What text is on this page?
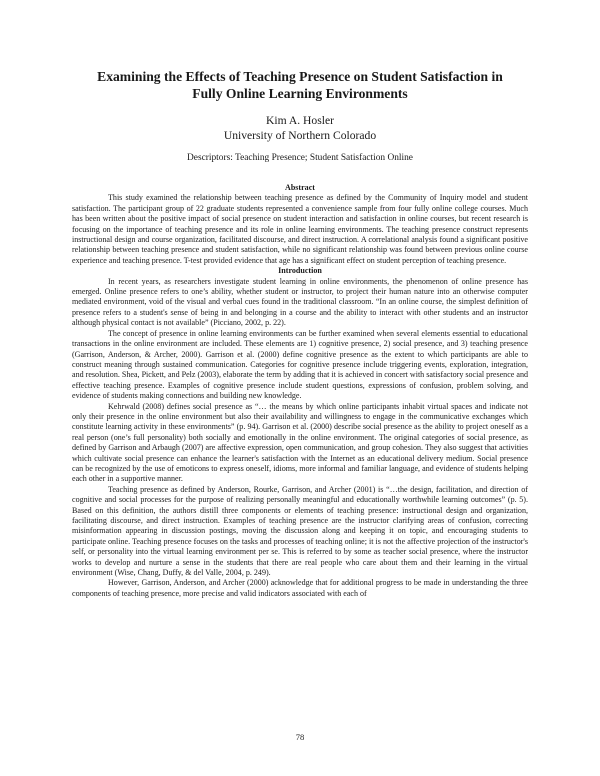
Examining the Effects of Teaching Presence on Student Satisfaction in
Fully Online Learning Environments
Kim A. Hosler
University of Northern Colorado
Descriptors: Teaching Presence; Student Satisfaction Online
Abstract

This study examined the relationship between teaching presence as defined by the Community of Inquiry model and student satisfaction. The participant group of 22 graduate students represented a convenience sample from four fully online college courses. Much has been written about the positive impact of social presence on student interaction and satisfaction in online courses, but recent research is focusing on the importance of teaching presence and its role in online learning environments. The teaching presence construct represents instructional design and course organization, facilitated discourse, and direct instruction. A correlational analysis found a significant positive relationship between teaching presence and student satisfaction, while no significant relationship was found between previous online course experience and teaching presence. T-test provided evidence that age has a significant effect on student perception of teaching presence.

Introduction

In recent years, as researchers investigate student learning in online environments, the phenomenon of online presence has emerged. Online presence refers to one’s ability, whether student or instructor, to project their human nature into an otherwise computer mediated environment, void of the visual and verbal cues found in the traditional classroom. “In an online course, the simplest definition of presence refers to a student's sense of being in and belonging in a course and the ability to interact with other students and an instructor although physical contact is not available” (Picciano, 2002, p. 22).

The concept of presence in online learning environments can be further examined when several elements essential to educational transactions in the online environment are included. These elements are 1) cognitive presence, 2) social presence, and 3) teaching presence (Garrison, Anderson, & Archer, 2000). Garrison et al. (2000) define cognitive presence as the extent to which participants are able to construct meaning through sustained communication. Categories for cognitive presence include triggering events, exploration, integration, and resolution. Shea, Pickett, and Pelz (2003), elaborate the term by adding that it is achieved in concert with satisfactory social presence and effective teaching presence. Examples of cognitive presence include student questions, expressions of confusion, problem solving, and evidence of students making connections and building new knowledge.

Kehrwald (2008) defines social presence as “… the means by which online participants inhabit virtual spaces and indicate not only their presence in the online environment but also their availability and willingness to engage in the communicative exchanges which constitute learning activity in these environments” (p. 94). Garrison et al. (2000) describe social presence as the ability to project oneself as a real person (one’s full personality) both socially and emotionally in the online environment. The original categories of social presence, as defined by Garrison and Arbaugh (2007) are affective expression, open communication, and group cohesion. They also suggest that activities which cultivate social presence can enhance the learner's satisfaction with the Internet as an educational delivery medium. Social presence can be recognized by the use of emoticons to express oneself, idioms, more informal and familiar language, and evidence of students helping each other in a supportive manner.

Teaching presence as defined by Anderson, Rourke, Garrison, and Archer (2001) is “…the design, facilitation, and direction of cognitive and social processes for the purpose of realizing personally meaningful and educationally worthwhile learning outcomes” (p. 5). Based on this definition, the authors distill three components or elements of teaching presence: instructional design and organization, facilitating discourse, and direct instruction. Examples of teaching presence are the instructor clarifying areas of confusion, correcting misinformation appearing in discussion postings, moving the discussion along and keeping it on topic, and encouraging students to participate online. Teaching presence focuses on the tasks and processes of teaching online; it is not the affective projection of the instructor's self, or personality into the virtual learning environment per se. This is referred to by some as teacher social presence, where the instructor works to develop and nurture a sense in the students that there are real people who care about them and their learning in the virtual environment (Wise, Chang, Duffy, & del Valle, 2004, p. 249).

However, Garrison, Anderson, and Archer (2000) acknowledge that for additional progress to be made in understanding the three components of teaching presence, more precise and valid indicators associated with each of

78
